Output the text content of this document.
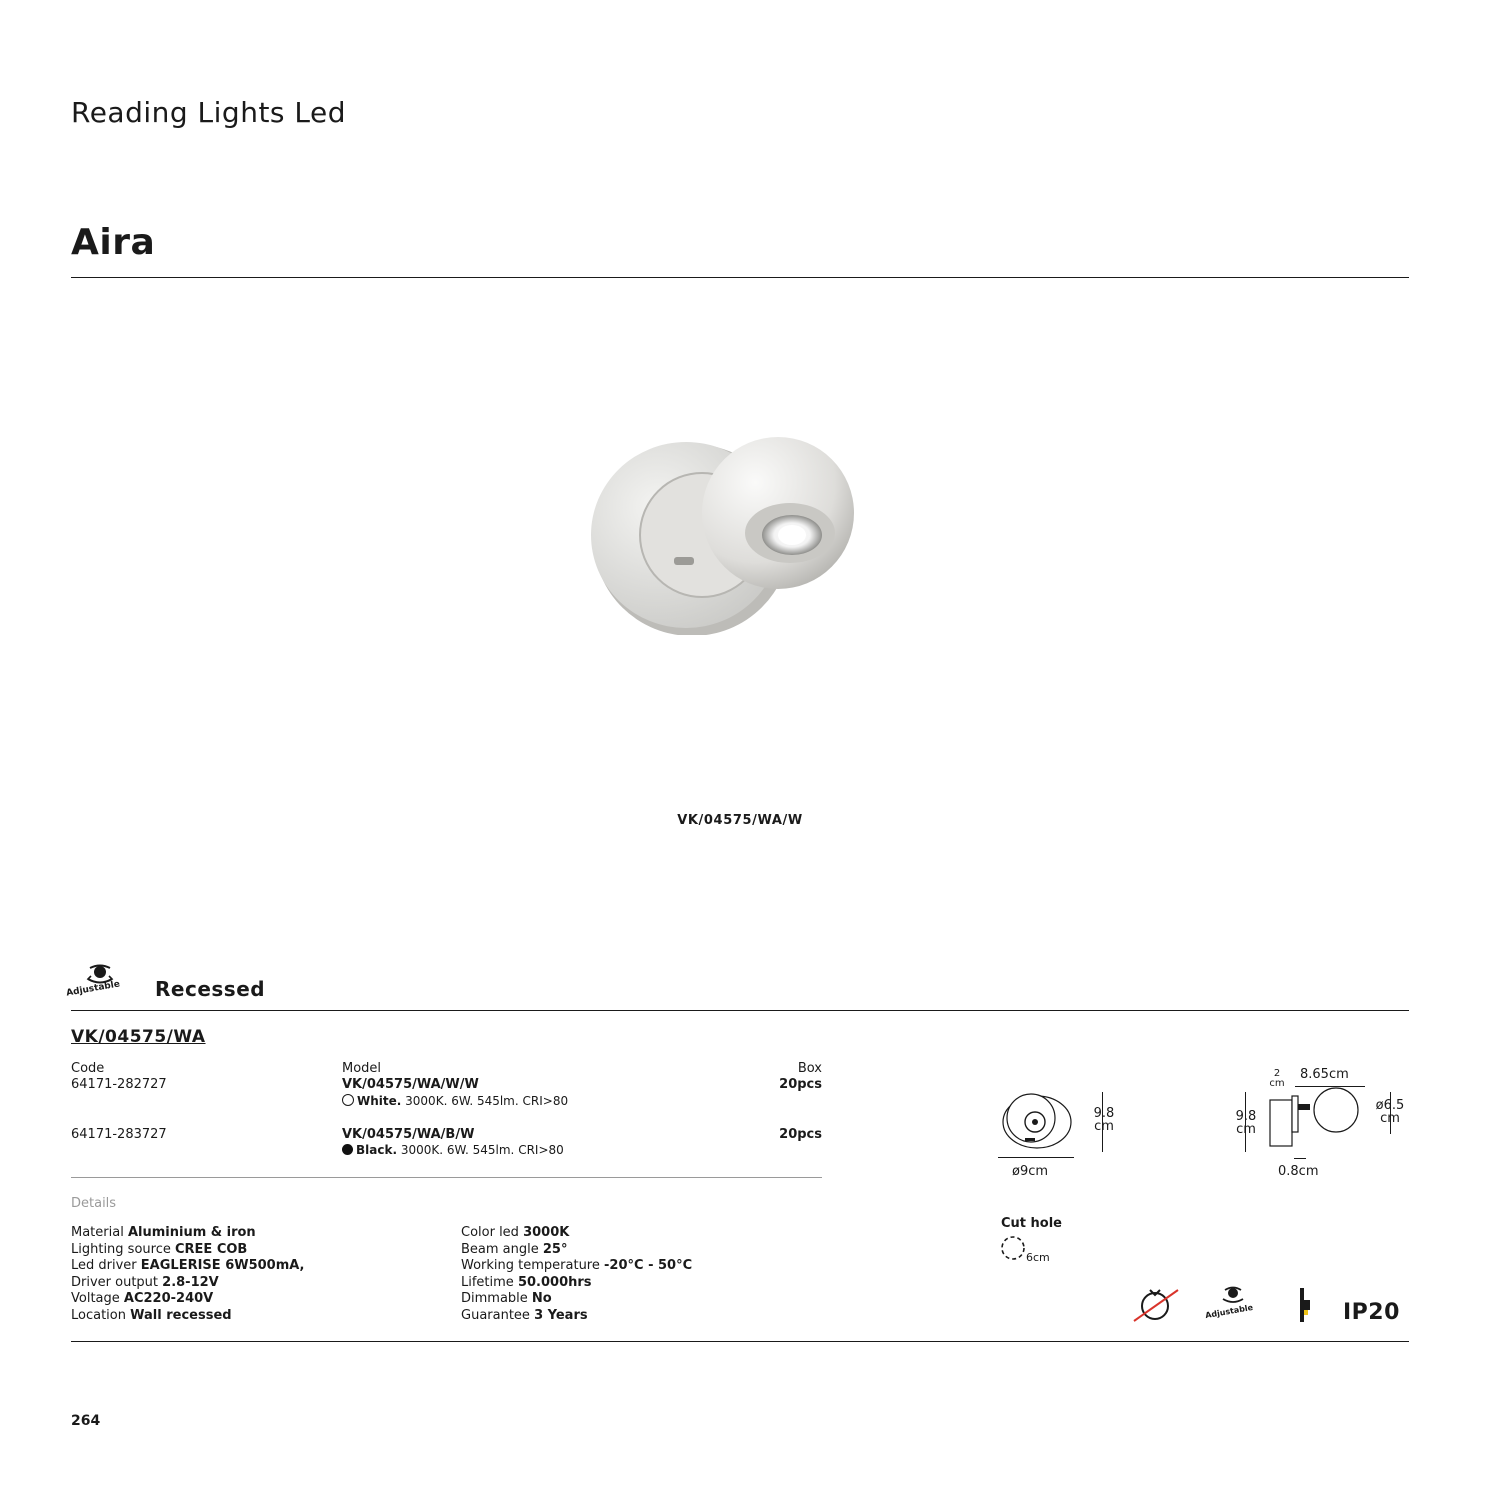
Reading Lights Led
Aira
VK/04575/WA/W
Adjustable Recessed
VK/04575/WA
Code	Model	Box
64171-282727	VK/04575/WA/W/W	20pcs
White. 3000K. 6W. 545lm. CRI>80
64171-283727	VK/04575/WA/B/W	20pcs
Black. 3000K. 6W. 545lm. CRI>80
Details
Material Aluminium & iron
Lighting source CREE COB
Led driver EAGLERISE 6W500mA,
Driver output 2.8-12V
Voltage AC220-240V
Location Wall recessed
Color led 3000K
Beam angle 25°
Working temperature -20°C - 50°C
Lifetime 50.000hrs
Dimmable No
Guarantee 3 Years
9.8
cm
ø9cm
9.8
cm
2
cm
8.65cm
ø6.5
cm
0.8cm
Cut hole
6cm
Adjustable	IP20
264
